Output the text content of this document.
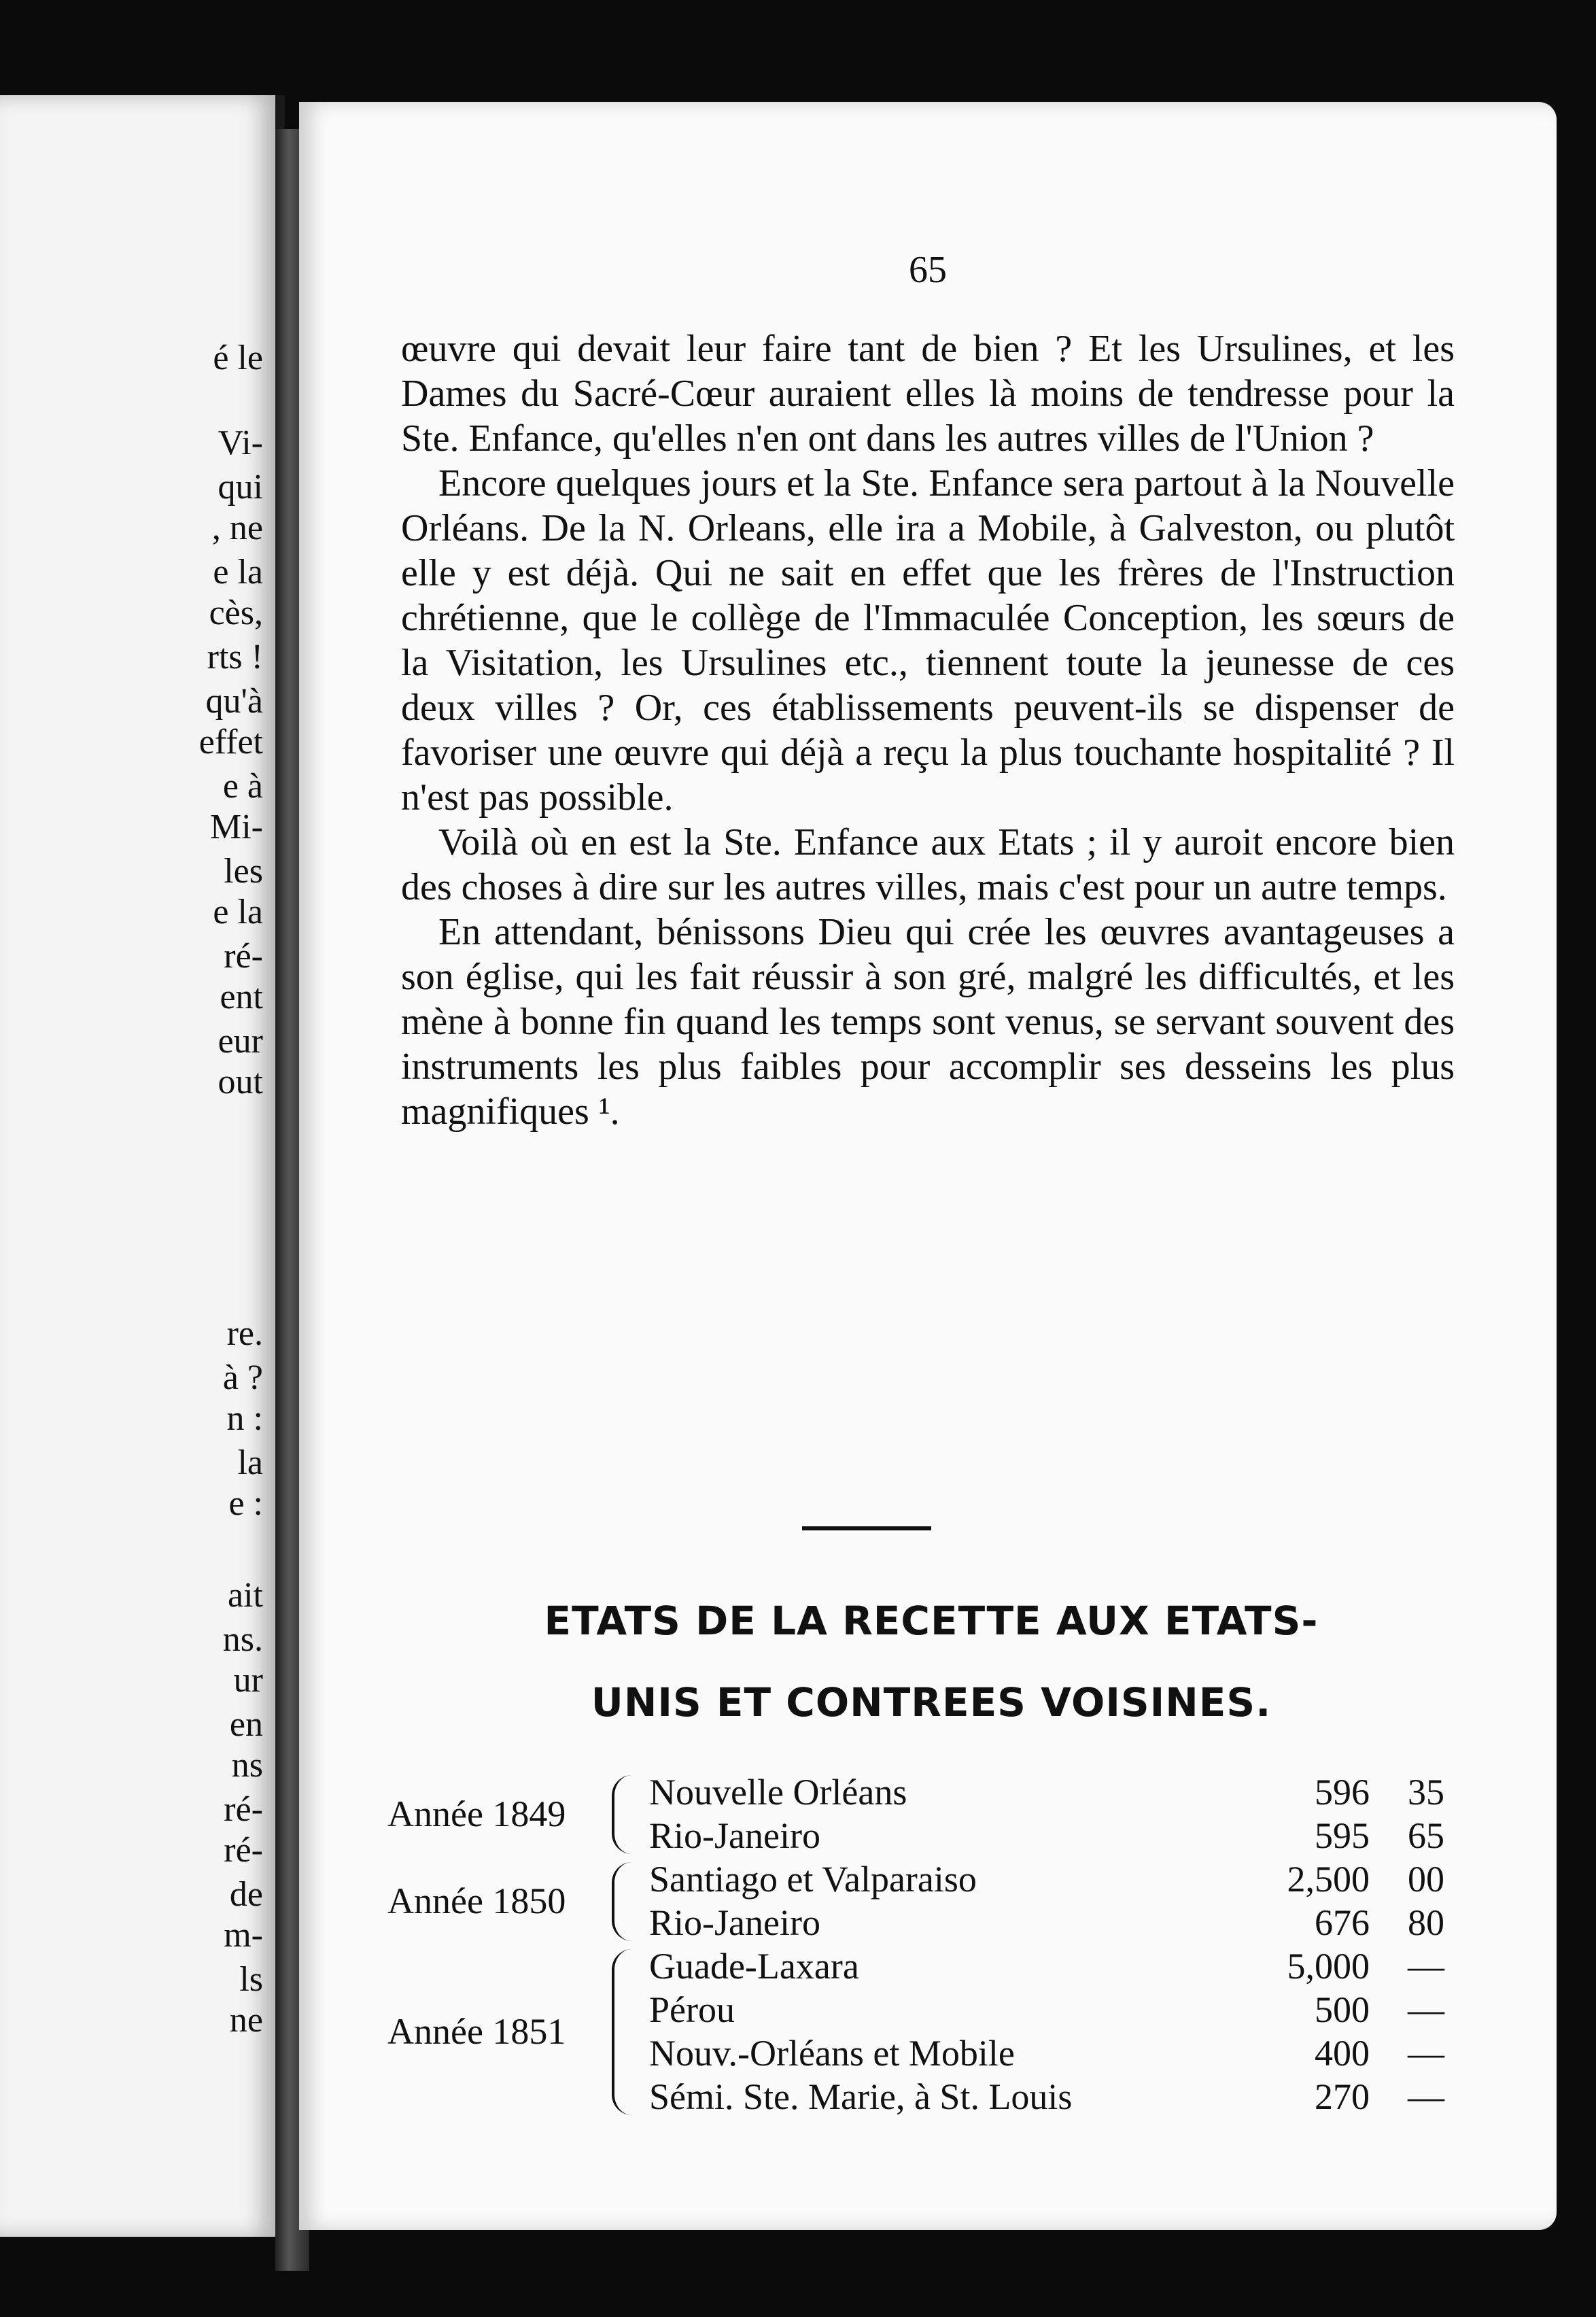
é le
Vi-
qui
, ne
e la
cès,
rts !
qu'à
effet
e à
Mi-
les
e la
ré-
ent
eur
out
re.
à ?
n :
la
e :
ait
ns.
ur
en
ns
ré-
ré-
de
m-
ls
ne
65

œuvre qui devait leur faire tant de bien ? Et les Ursulines, et les Dames du Sacré-Cœur auraient elles là moins de tendresse pour la Ste. Enfance, qu'elles n'en ont dans les autres villes de l'Union ?

Encore quelques jours et la Ste. Enfance sera partout à la Nouvelle Orléans. De la N. Orleans, elle ira a Mobile, à Galveston, ou plutôt elle y est déjà. Qui ne sait en effet que les frères de l'Instruction chrétienne, que le collège de l'Immaculée Conception, les sœurs de la Visitation, les Ursulines etc., tiennent toute la jeunesse de ces deux villes ? Or, ces établissements peuvent-ils se dispenser de favoriser une œuvre qui déjà a reçu la plus touchante hospitalité ? Il n'est pas possible.

Voilà où en est la Ste. Enfance aux Etats ; il y auroit encore bien des choses à dire sur les autres villes, mais c'est pour un autre temps.

En attendant, bénissons Dieu qui crée les œuvres avantageuses a son église, qui les fait réussir à son gré, malgré les difficultés, et les mène à bonne fin quand les temps sont venus, se servant souvent des instruments les plus faibles pour accomplir ses desseins les plus magnifiques ¹.

ETATS DE LA RECETTE AUX ETATS-
UNIS ET CONTREES VOISINES.
Année 1849
Nouvelle Orléans	596	35
Rio-Janeiro	595	65
Année 1850
Santiago et Valparaiso	2,500	00
Rio-Janeiro	676	80
Année 1851
Guade-Laxara	5,000	—
Pérou	500	—
Nouv.-Orléans et Mobile	400	—
Sémi. Ste. Marie, à St. Louis	270	—
